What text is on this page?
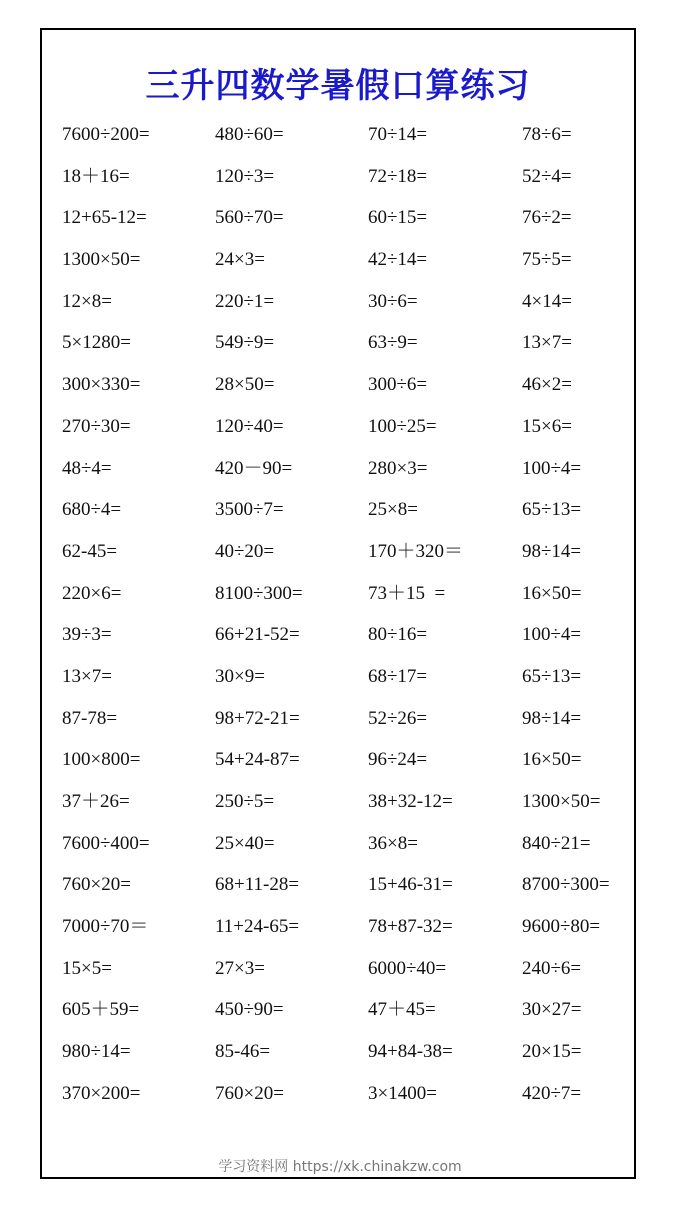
三升四数学暑假口算练习
7600÷200=	480÷60=	70÷14=	78÷6=
18＋16=	120÷3=	72÷18=	52÷4=
12+65-12=	560÷70=	60÷15=	76÷2=
1300×50=	24×3=	42÷14=	75÷5=
12×8=	220÷1=	30÷6=	4×14=
5×1280=	549÷9=	63÷9=	13×7=
300×330=	28×50=	300÷6=	46×2=
270÷30=	120÷40=	100÷25=	15×6=
48÷4=	420－90=	280×3=	100÷4=
680÷4=	3500÷7=	25×8=	65÷13=
62-45=	40÷20=	170＋320＝	98÷14=
220×6=	8100÷300=	73＋15  =	16×50=
39÷3=	66+21-52=	80÷16=	100÷4=
13×7=	30×9=	68÷17=	65÷13=
87-78=	98+72-21=	52÷26=	98÷14=
100×800=	54+24-87=	96÷24=	16×50=
37＋26=	250÷5=	38+32-12=	1300×50=
7600÷400=	25×40=	36×8=	840÷21=
760×20=	68+11-28=	15+46-31=	8700÷300=
7000÷70＝	11+24-65=	78+87-32=	9600÷80=
15×5=	27×3=	6000÷40=	240÷6=
605＋59=	450÷90=	47＋45=	30×27=
980÷14=	85-46=	94+84-38=	20×15=
370×200=	760×20=	3×1400=	420÷7=
学习资料网 https://xk.chinakzw.com
